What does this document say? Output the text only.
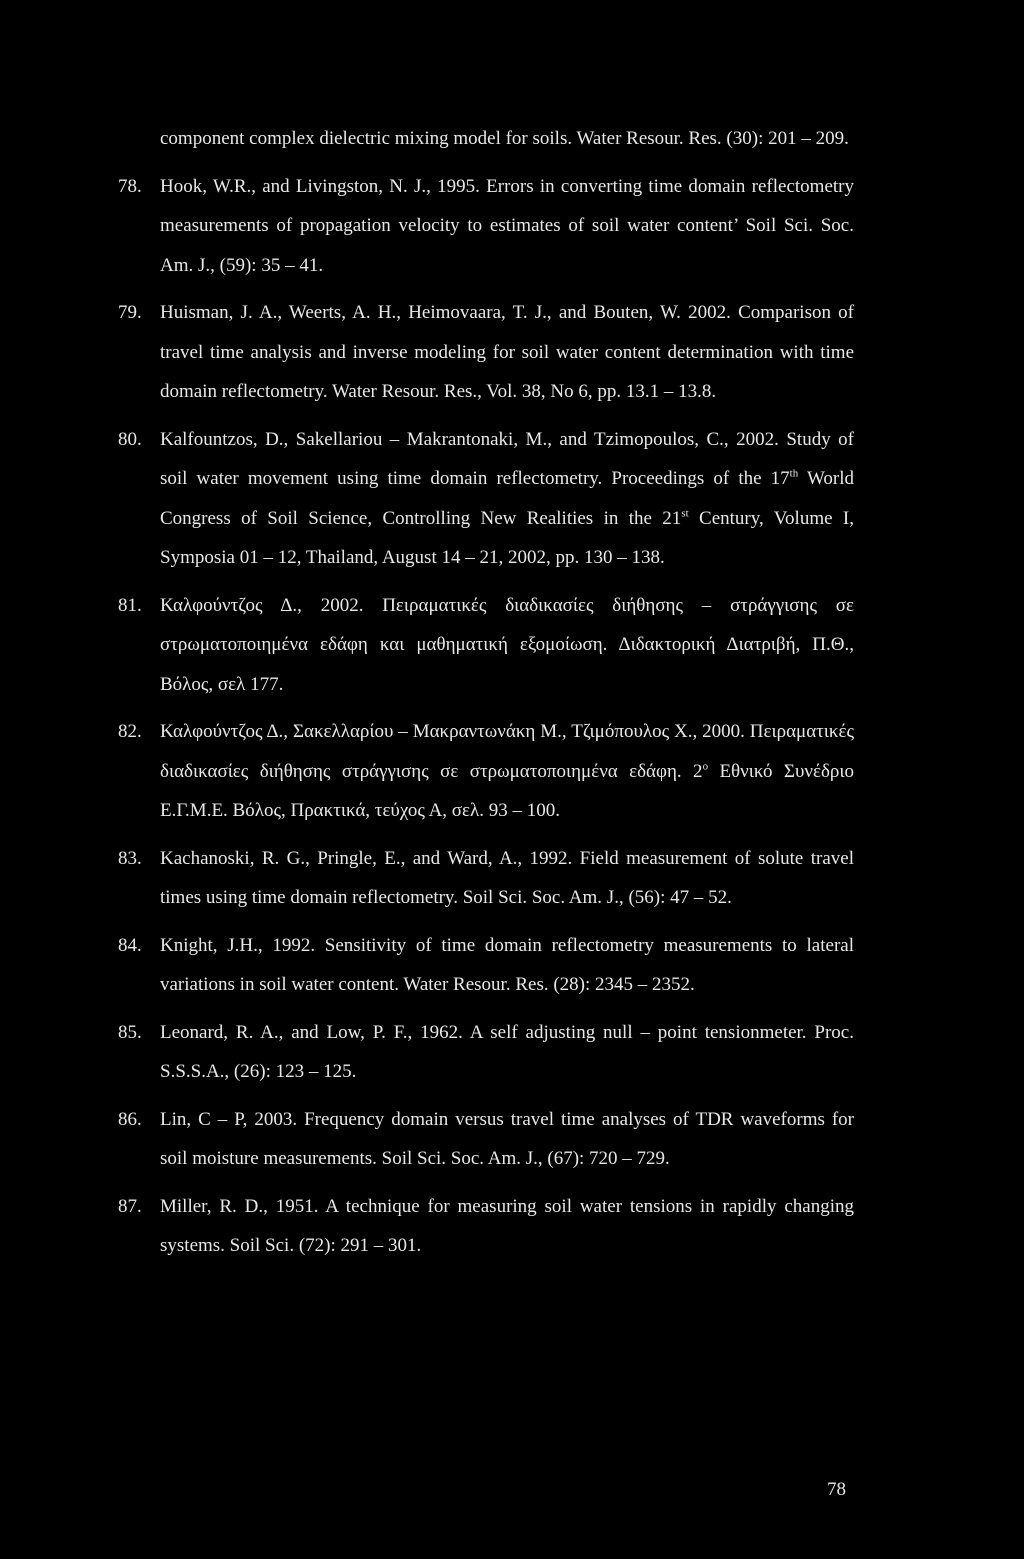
component complex dielectric mixing model for soils. Water Resour. Res. (30): 201 – 209.
78. Hook, W.R., and Livingston, N. J., 1995. Errors in converting time domain reflectometry measurements of propagation velocity to estimates of soil water content’ Soil Sci. Soc. Am. J., (59): 35 – 41.
79. Huisman, J. A., Weerts, A. H., Heimovaara, T. J., and Bouten, W. 2002. Comparison of travel time analysis and inverse modeling for soil water content determination with time domain reflectometry. Water Resour. Res., Vol. 38, No 6, pp. 13.1 – 13.8.
80. Kalfountzos, D., Sakellariou – Makrantonaki, M., and Tzimopoulos, C., 2002. Study of soil water movement using time domain reflectometry. Proceedings of the 17th World Congress of Soil Science, Controlling New Realities in the 21st Century, Volume I, Symposia 01 – 12, Thailand, August 14 – 21, 2002, pp. 130 – 138.
81. Καλφούντζος Δ., 2002. Πειραματικές διαδικασίες διήθησης – στράγγισης σε στρωματοποιημένα εδάφη και μαθηματική εξομοίωση. Διδακτορική Διατριβή, Π.Θ., Βόλος, σελ 177.
82. Καλφούντζος Δ., Σακελλαρίου – Μακραντωνάκη Μ., Τζιμόπουλος Χ., 2000. Πειραματικές διαδικασίες διήθησης στράγγισης σε στρωματοποιημένα εδάφη. $2^o$ Εθνικό Συνέδριο Ε.Γ.Μ.Ε. Βόλος, Πρακτικά, τεύχος Α, σελ. 93 – 100.
83. Kachanoski, R. G., Pringle, E., and Ward, A., 1992. Field measurement of solute travel times using time domain reflectometry. Soil Sci. Soc. Am. J., (56): 47 – 52.
84. Knight, J.H., 1992. Sensitivity of time domain reflectometry measurements to lateral variations in soil water content. Water Resour. Res. (28): 2345 – 2352.
85. Leonard, R. A., and Low, P. F., 1962. A self adjusting null – point tensionmeter. Proc. S.S.S.A., (26): 123 – 125.
86. Lin, C – P, 2003. Frequency domain versus travel time analyses of TDR waveforms for soil moisture measurements. Soil Sci. Soc. Am. J., (67): 720 – 729.
87. Miller, R. D., 1951. A technique for measuring soil water tensions in rapidly changing systems. Soil Sci. (72): 291 – 301.
78
